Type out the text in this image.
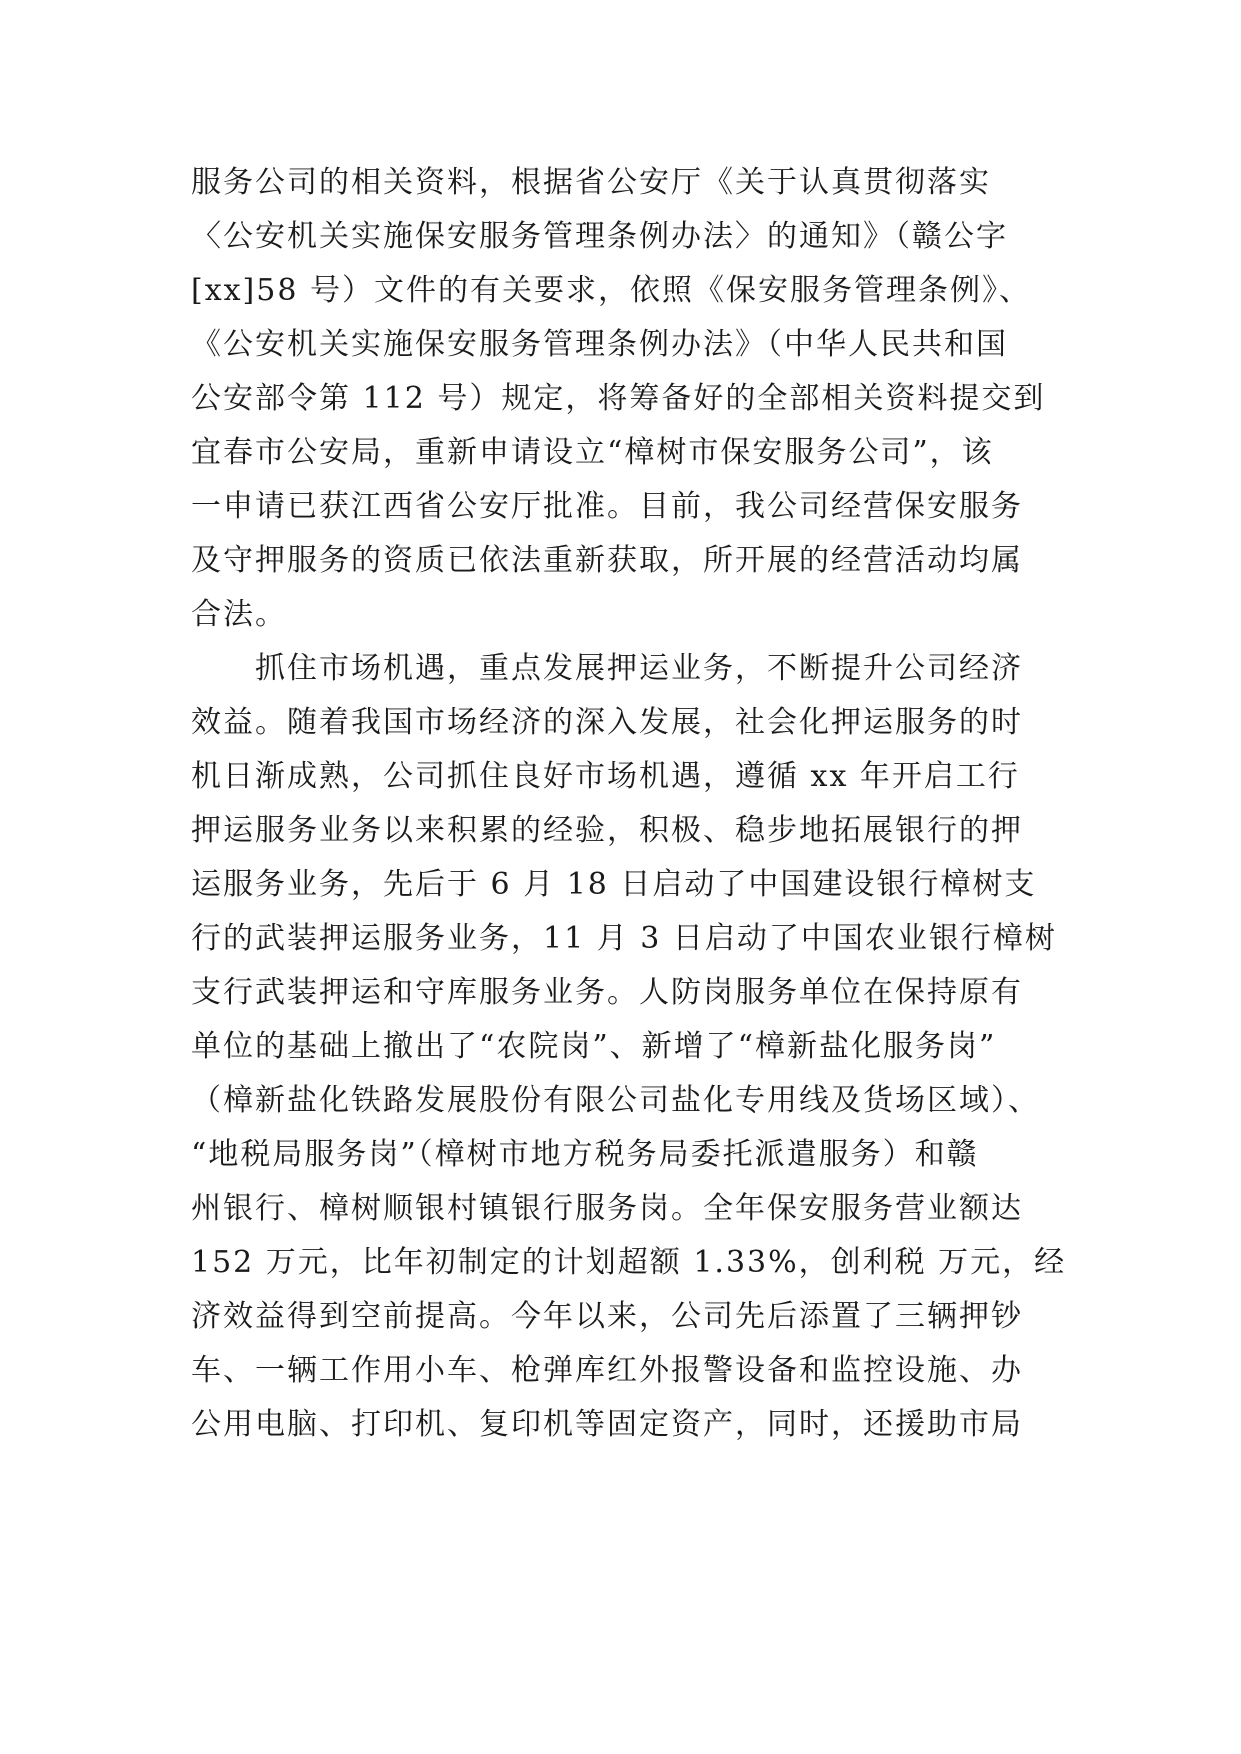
服务公司的相关资料，根据省公安厅《关于认真贯彻落实
〈公安机关实施保安服务管理条例办法〉的通知》（赣公字
[xx]58 号）文件的有关要求，依照《保安服务管理条例》、
《公安机关实施保安服务管理条例办法》（中华人民共和国
公安部令第 112 号）规定，将筹备好的全部相关资料提交到
宜春市公安局，重新申请设立“樟树市保安服务公司”，该
一申请已获江西省公安厅批准。目前，我公司经营保安服务
及守押服务的资质已依法重新获取，所开展的经营活动均属
合法。
抓住市场机遇，重点发展押运业务，不断提升公司经济
效益。随着我国市场经济的深入发展，社会化押运服务的时
机日渐成熟，公司抓住良好市场机遇，遵循 xx 年开启工行
押运服务业务以来积累的经验，积极、稳步地拓展银行的押
运服务业务，先后于 6 月 18 日启动了中国建设银行樟树支
行的武装押运服务业务，11 月 3 日启动了中国农业银行樟树
支行武装押运和守库服务业务。人防岗服务单位在保持原有
单位的基础上撤出了“农院岗”、新增了“樟新盐化服务岗”
（樟新盐化铁路发展股份有限公司盐化专用线及货场区域）、
“地税局服务岗”（樟树市地方税务局委托派遣服务）和赣
州银行、樟树顺银村镇银行服务岗。全年保安服务营业额达
152 万元，比年初制定的计划超额 1.33%，创利税 万元，经
济效益得到空前提高。今年以来，公司先后添置了三辆押钞
车、一辆工作用小车、枪弹库红外报警设备和监控设施、办
公用电脑、打印机、复印机等固定资产，同时，还援助市局
